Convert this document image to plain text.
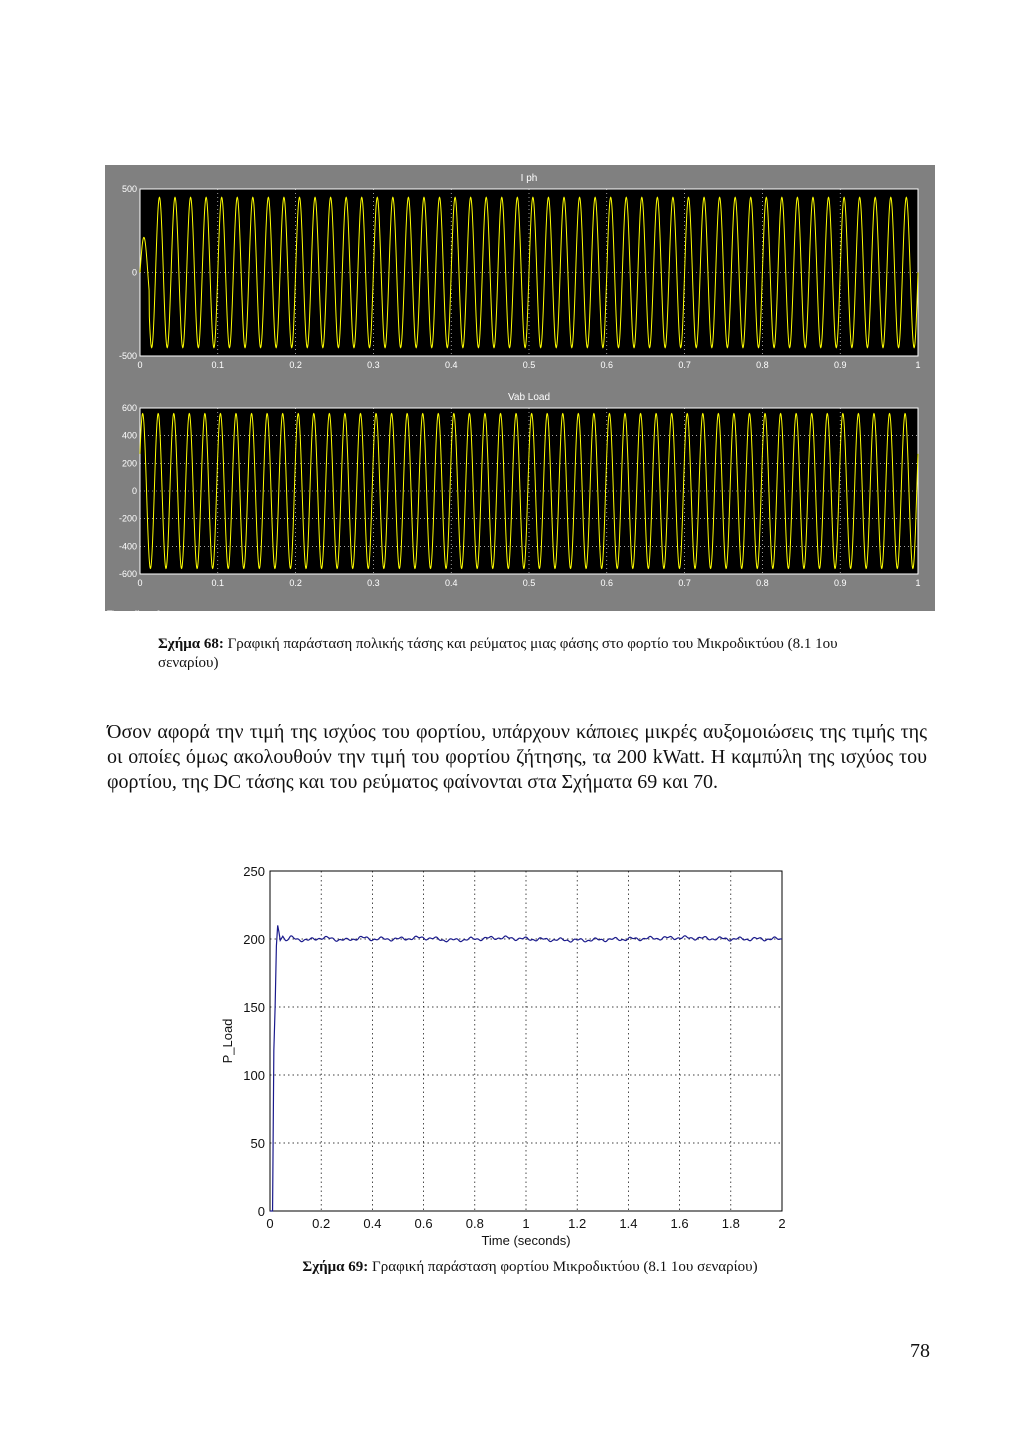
Time offset: 0
I ph
0	0.1	0.2	0.3	0.4	0.5	0.6	0.7	0.8	0.9	1
500
0
-500
Vab Load
0	0.1	0.2	0.3	0.4	0.5	0.6	0.7	0.8	0.9	1
600
400
200
0
-200
-400
-600
Σχήμα 68: Γραφική παράσταση πολικής τάσης και ρεύματος μιας φάσης στο φορτίο του Μικροδικτύου (8.1 1ου σεναρίου)

Όσον αφορά την τιμή της ισχύος του φορτίου, υπάρχουν κάποιες μικρές αυξομοιώσεις της τιμής της οι οποίες όμως ακολουθούν την τιμή του φορτίου ζήτησης, τα 200 kWatt. Η καμπύλη της ισχύος του φορτίου, της DC τάσης και του ρεύματος φαίνονται στα Σχήματα 69 και 70.

0	0.2	0.4	0.6	0.8	1	1.2	1.4	1.6	1.8	2
0
50
100
150
200
250
Time (seconds)
P_Load
Σχήμα 69: Γραφική παράσταση φορτίου Μικροδικτύου (8.1 1ου σεναρίου)
78
